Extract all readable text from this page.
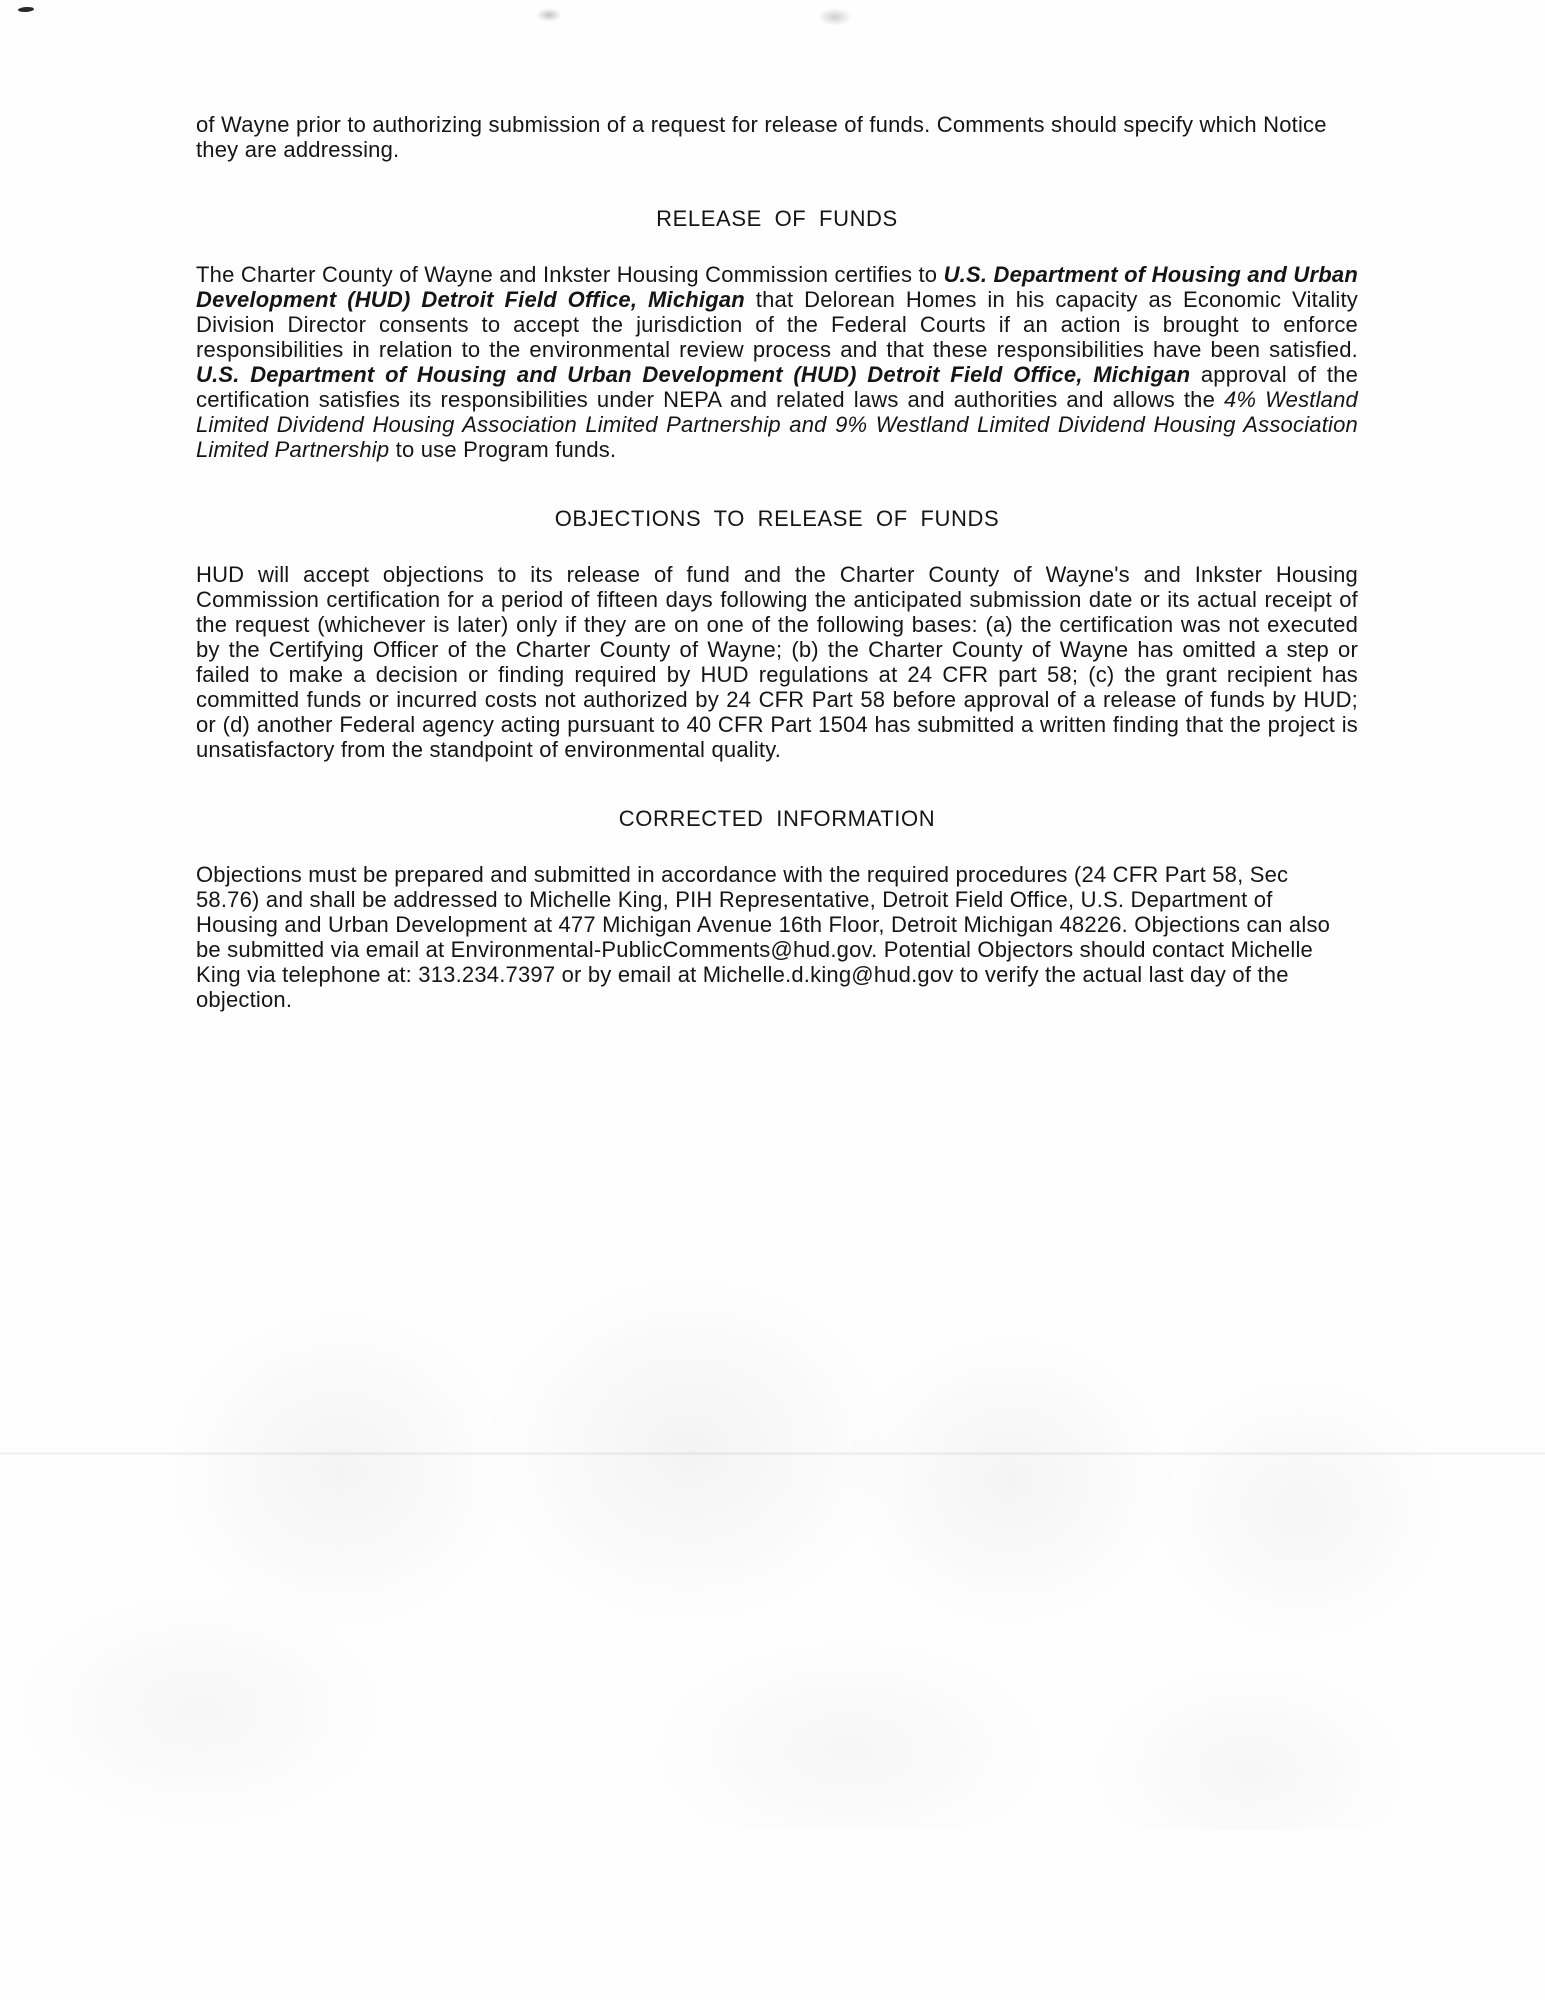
of Wayne prior to authorizing submission of a request for release of funds. Comments should specify which Notice they are addressing.

RELEASE OF FUNDS

The Charter County of Wayne and Inkster Housing Commission certifies to U.S. Department of Housing and Urban Development (HUD) Detroit Field Office, Michigan that Delorean Homes in his capacity as Economic Vitality Division Director consents to accept the jurisdiction of the Federal Courts if an action is brought to enforce responsibilities in relation to the environmental review process and that these responsibilities have been satisfied. U.S. Department of Housing and Urban Development (HUD) Detroit Field Office, Michigan approval of the certification satisfies its responsibilities under NEPA and related laws and authorities and allows the 4% Westland Limited Dividend Housing Association Limited Partnership and 9% Westland Limited Dividend Housing Association Limited Partnership to use Program funds.

OBJECTIONS TO RELEASE OF FUNDS

HUD will accept objections to its release of fund and the Charter County of Wayne's and Inkster Housing Commission certification for a period of fifteen days following the anticipated submission date or its actual receipt of the request (whichever is later) only if they are on one of the following bases: (a) the certification was not executed by the Certifying Officer of the Charter County of Wayne; (b) the Charter County of Wayne has omitted a step or failed to make a decision or finding required by HUD regulations at 24 CFR part 58; (c) the grant recipient has committed funds or incurred costs not authorized by 24 CFR Part 58 before approval of a release of funds by HUD; or (d) another Federal agency acting pursuant to 40 CFR Part 1504 has submitted a written finding that the project is unsatisfactory from the standpoint of environmental quality.

CORRECTED INFORMATION

Objections must be prepared and submitted in accordance with the required procedures (24 CFR Part 58, Sec 58.76) and shall be addressed to Michelle King, PIH Representative, Detroit Field Office, U.S. Department of Housing and Urban Development at 477 Michigan Avenue 16th Floor, Detroit Michigan 48226. Objections can also be submitted via email at Environmental-PublicComments@hud.gov. Potential Objectors should contact Michelle King via telephone at: 313.234.7397 or by email at Michelle.d.king@hud.gov to verify the actual last day of the objection.
